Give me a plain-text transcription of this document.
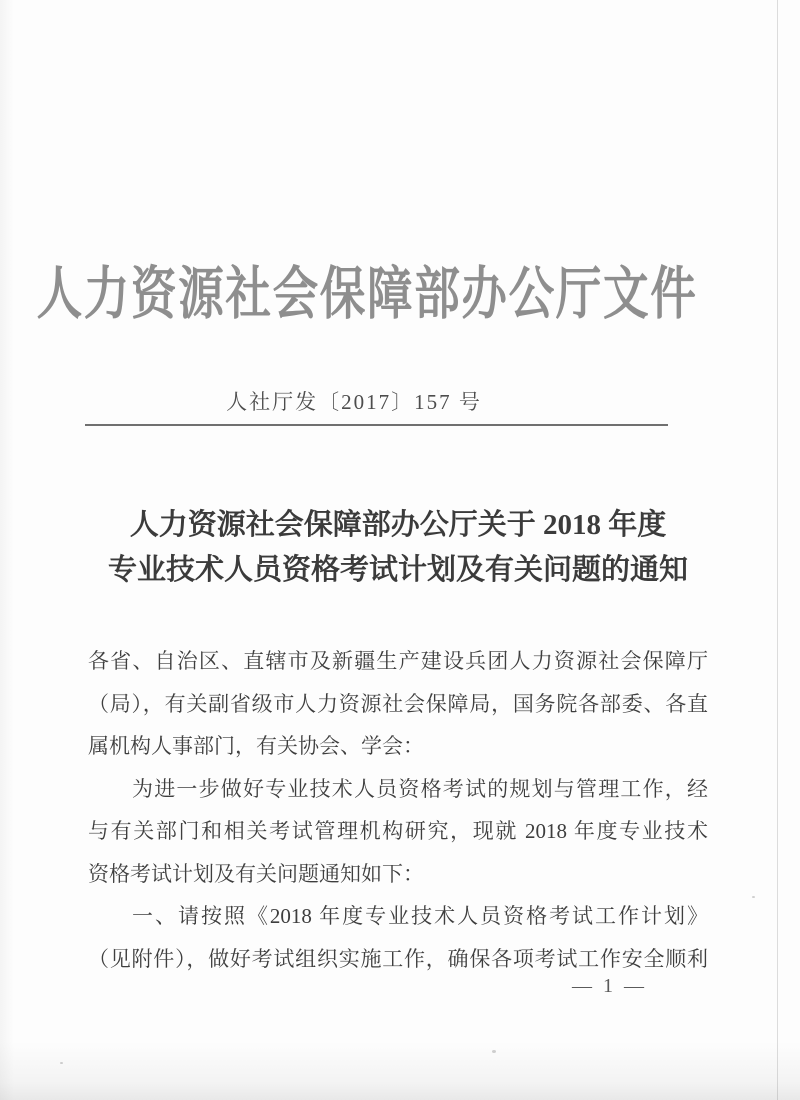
人力资源社会保障部办公厅文件
人社厅发〔2017〕157 号
人力资源社会保障部办公厅关于 2018 年度
专业技术人员资格考试计划及有关问题的通知
各省、自治区、直辖市及新疆生产建设兵团人力资源社会保障厅
（局），有关副省级市人力资源社会保障局，国务院各部委、各直
属机构人事部门，有关协会、学会：
为进一步做好专业技术人员资格考试的规划与管理工作，经
与有关部门和相关考试管理机构研究，现就 2018 年度专业技术
资格考试计划及有关问题通知如下：
一、请按照《2018 年度专业技术人员资格考试工作计划》
（见附件），做好考试组织实施工作，确保各项考试工作安全顺利
— 1 —
